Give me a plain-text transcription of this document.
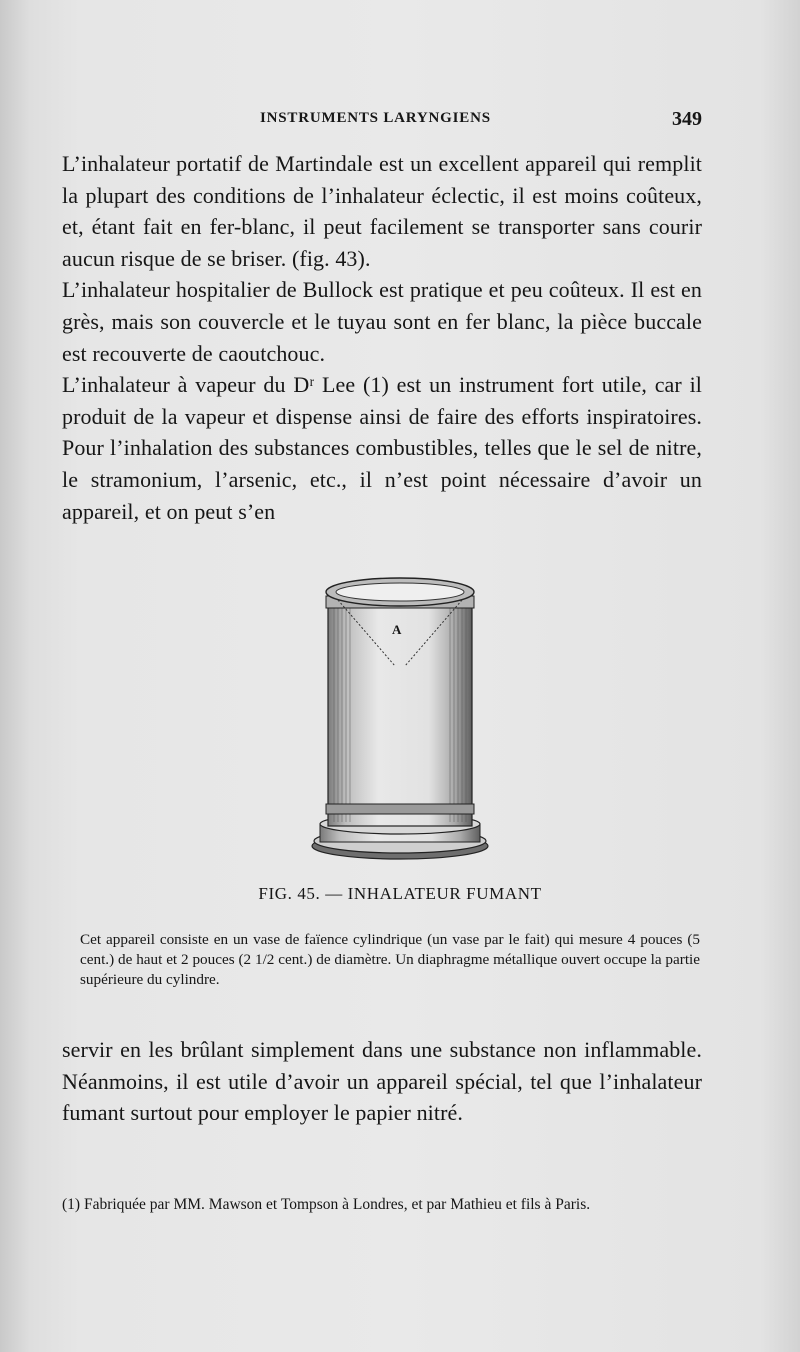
INSTRUMENTS LARYNGIENS	349

L’inhalateur portatif de Martindale est un excellent appareil qui remplit la plupart des conditions de l’inhalateur éclectic, il est moins coûteux, et, étant fait en fer-blanc, il peut facilement se transporter sans courir aucun risque de se briser. (fig. 43).

L’inhalateur hospitalier de Bullock est pratique et peu coûteux. Il est en grès, mais son couvercle et le tuyau sont en fer blanc, la pièce buccale est recouverte de caoutchouc.

L’inhalateur à vapeur du Dʳ Lee (1) est un instrument fort utile, car il produit de la vapeur et dispense ainsi de faire des efforts inspiratoires. Pour l’inhalation des substances combustibles, telles que le sel de nitre, le stramonium, l’arsenic, etc., il n’est point nécessaire d’avoir un appareil, et on peut s’en

A
FIG. 45. — INHALATEUR FUMANT
Cet appareil consiste en un vase de faïence cylindrique (un vase par le fait) qui mesure 4 pouces (5 cent.) de haut et 2 pouces (2 1/2 cent.) de diamètre. Un diaphragme métallique ouvert occupe la partie supérieure du cylindre.

servir en les brûlant simplement dans une substance non inflammable. Néanmoins, il est utile d’avoir un appareil spécial, tel que l’inhalateur fumant surtout pour employer le papier nitré.

(1) Fabriquée par MM. Mawson et Tompson à Londres, et par Mathieu et fils à Paris.
